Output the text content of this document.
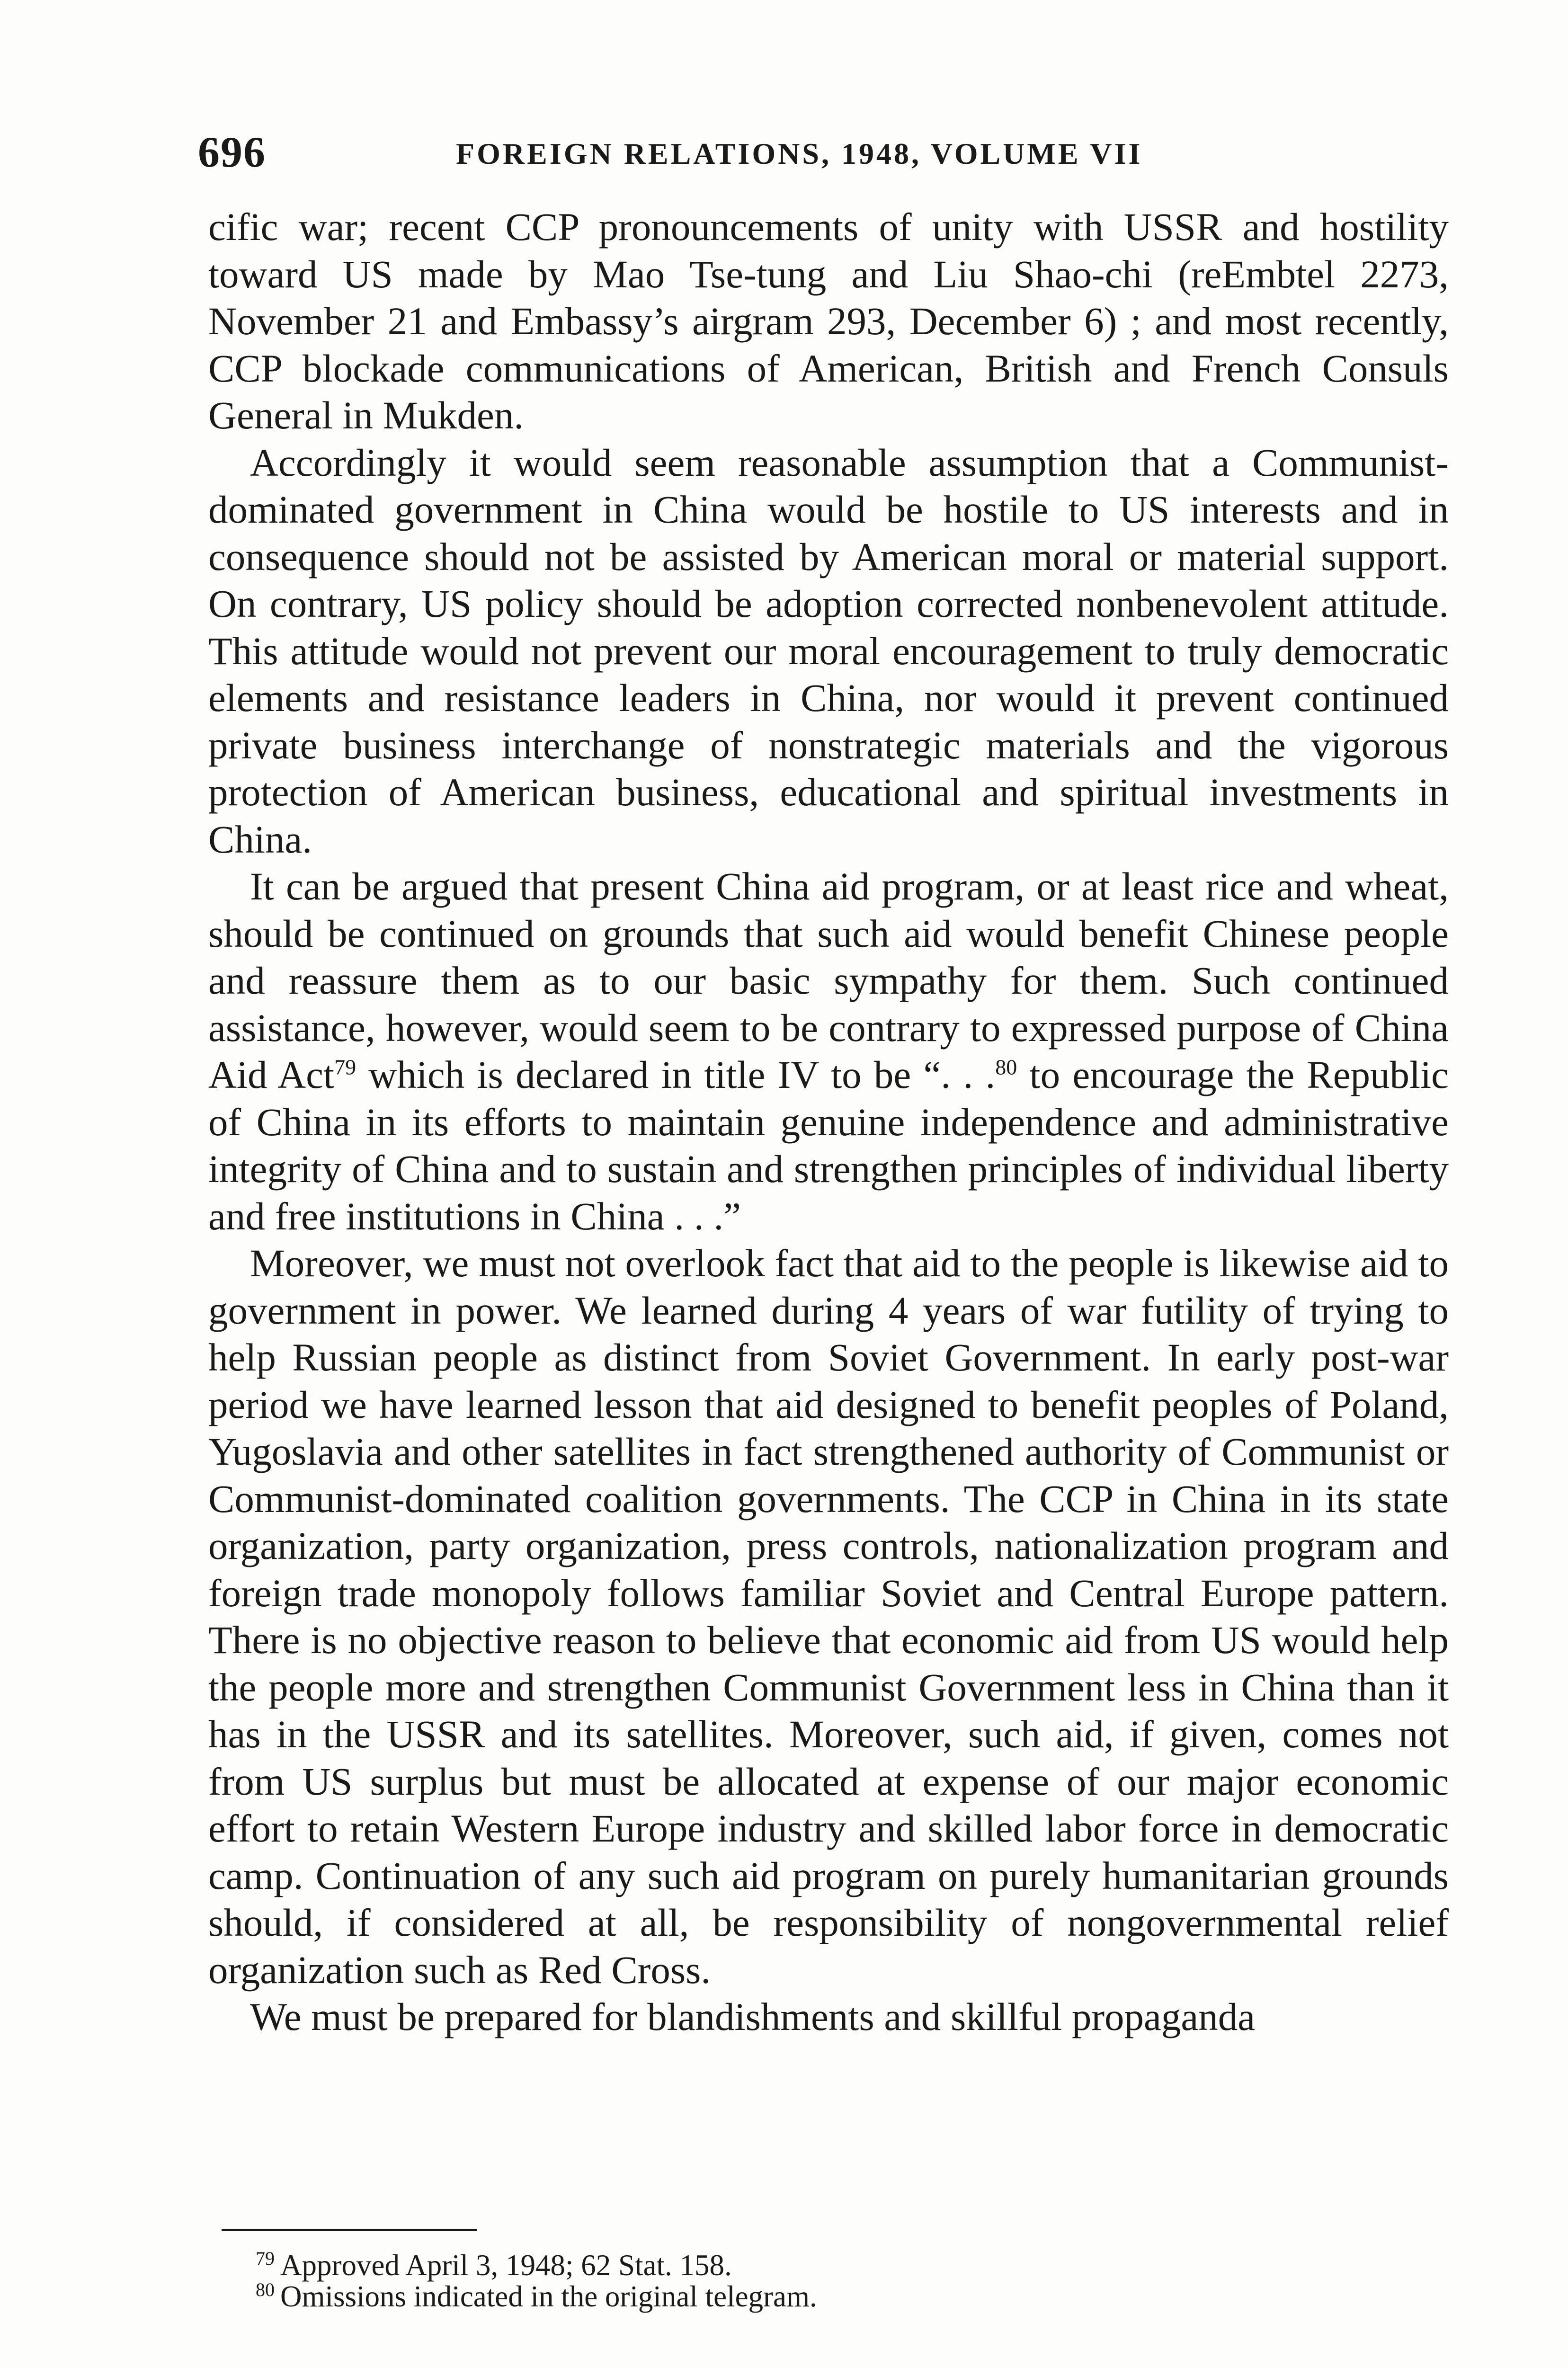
696	FOREIGN RELATIONS, 1948, VOLUME VII

cific war; recent CCP pronouncements of unity with USSR and hostility toward US made by Mao Tse-tung and Liu Shao-chi (reEmbtel 2273, November 21 and Embassy’s airgram 293, December 6) ; and most recently, CCP blockade communications of American, British and French Consuls General in Mukden.

Accordingly it would seem reasonable assumption that a Communist-dominated government in China would be hostile to US interests and in consequence should not be assisted by American moral or material support. On contrary, US policy should be adoption corrected nonbenevolent attitude. This attitude would not prevent our moral encouragement to truly democratic elements and resistance leaders in China, nor would it prevent continued private business interchange of nonstrategic materials and the vigorous protection of American business, educational and spiritual investments in China.

It can be argued that present China aid program, or at least rice and wheat, should be continued on grounds that such aid would benefit Chinese people and reassure them as to our basic sympathy for them. Such continued assistance, however, would seem to be contrary to expressed purpose of China Aid Act$^{79}$ which is declared in title IV to be “. . .$^{80}$ to encourage the Republic of China in its efforts to maintain genuine independence and administrative integrity of China and to sustain and strengthen principles of individual liberty and free institutions in China . . .”

Moreover, we must not overlook fact that aid to the people is likewise aid to government in power. We learned during 4 years of war futility of trying to help Russian people as distinct from Soviet Government. In early post-war period we have learned lesson that aid designed to benefit peoples of Poland, Yugoslavia and other satellites in fact strengthened authority of Communist or Communist-dominated coalition governments. The CCP in China in its state organization, party organization, press controls, nationalization program and foreign trade monopoly follows familiar Soviet and Central Europe pattern. There is no objective reason to believe that economic aid from US would help the people more and strengthen Communist Government less in China than it has in the USSR and its satellites. Moreover, such aid, if given, comes not from US surplus but must be allocated at expense of our major economic effort to retain Western Europe industry and skilled labor force in democratic camp. Continuation of any such aid program on purely humanitarian grounds should, if considered at all, be responsibility of nongovernmental relief organization such as Red Cross.

We must be prepared for blandishments and skillful propaganda

$^{79}$ Approved April 3, 1948; 62 Stat. 158.
$^{80}$ Omissions indicated in the original telegram.
